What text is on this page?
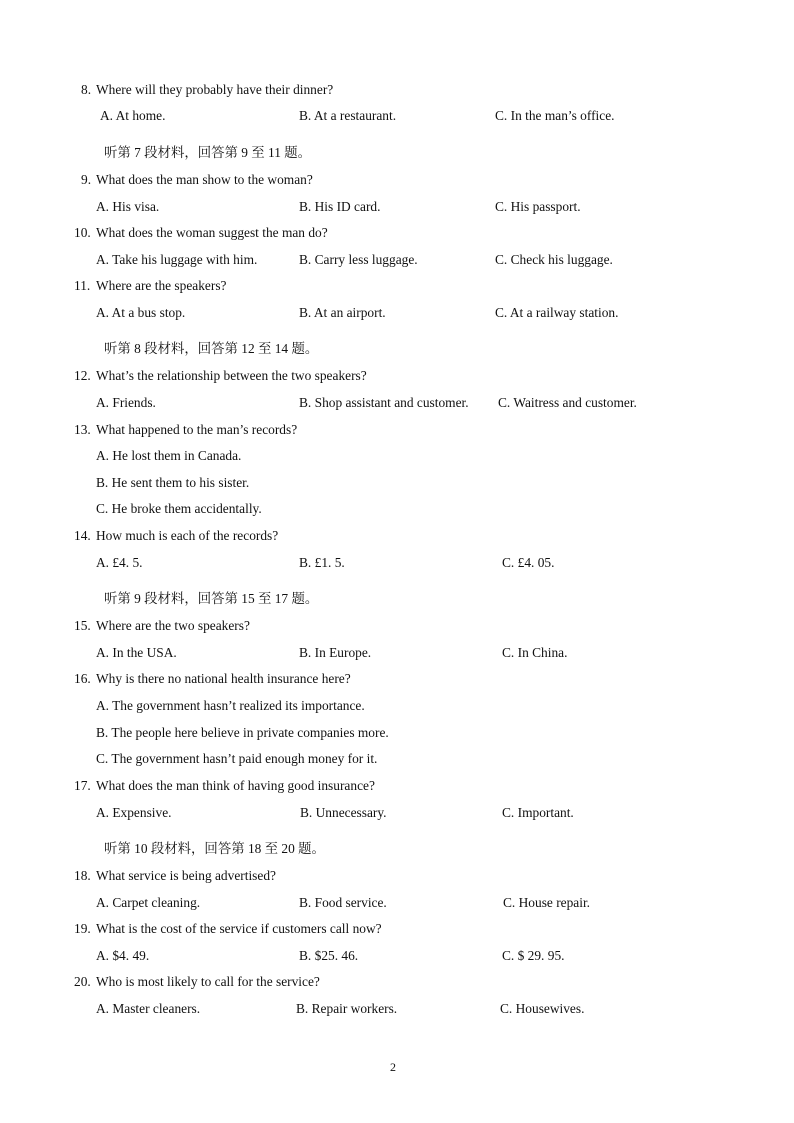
8. Where will they probably have their dinner?
A. At home.	B. At a restaurant.	C. In the man’s office.
听第 7 段材料，回答第 9 至 11 题。
9. What does the man show to the woman?
A. His visa.	B. His ID card.	C. His passport.
10. What does the woman suggest the man do?
A. Take his luggage with him.	B. Carry less luggage.	C. Check his luggage.
11. Where are the speakers?
A. At a bus stop.	B. At an airport.	C. At a railway station.
听第 8 段材料，回答第 12 至 14 题。
12. What’s the relationship between the two speakers?
A. Friends.	B. Shop assistant and customer. C. Waitress and customer.
13. What happened to the man’s records?
A. He lost them in Canada.
B. He sent them to his sister.
C. He broke them accidentally.
14. How much is each of the records?
A. £4. 5.	B. £1. 5.	C. £4. 05.
听第 9 段材料，回答第 15 至 17 题。
15. Where are the two speakers?
A. In the USA.	B. In Europe.	C. In China.
16. Why is there no national health insurance here?
A. The government hasn’t realized its importance.
B. The people here believe in private companies more.
C. The government hasn’t paid enough money for it.
17. What does the man think of having good insurance?
A. Expensive.	B. Unnecessary.	C. Important.
听第 10 段材料，回答第 18 至 20 题。
18. What service is being advertised?
A. Carpet cleaning.	B. Food service.	C. House repair.
19. What is the cost of the service if customers call now?
A. $4. 49.	B. $25. 46.	C. $ 29. 95.
20. Who is most likely to call for the service?
A. Master cleaners.	B. Repair workers.	C. Housewives.
2
